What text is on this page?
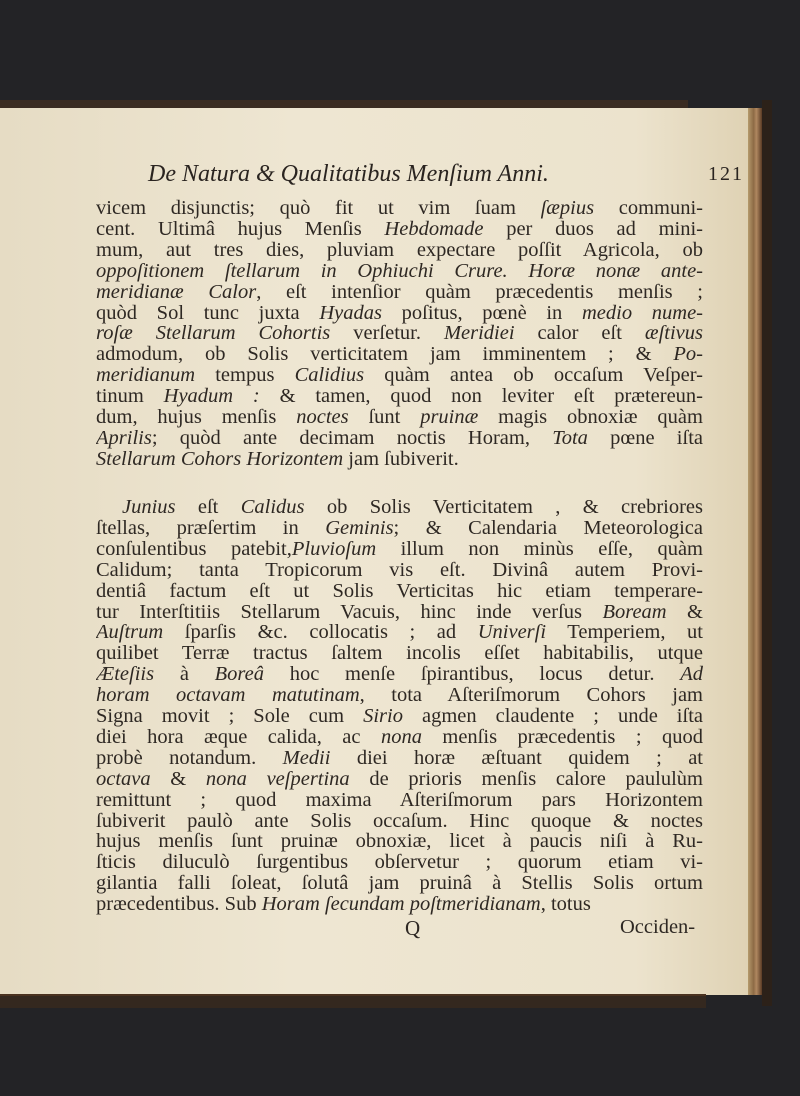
De Natura & Qualitatibus Menſium Anni.	121
vicem disjunctis; quò fit ut vim ſuam ſæpius communi-
cent. Ultimâ hujus Menſis Hebdomade per duos ad mini-
mum, aut tres dies, pluviam expectare poſſit Agricola, ob
oppoſitionem ſtellarum in Ophiuchi Crure. Horæ nonæ ante-
meridianæ Calor, eſt intenſior quàm præcedentis menſis ;
quòd Sol tunc juxta Hyadas poſitus, pœnè in medio nume-
roſæ Stellarum Cohortis verſetur. Meridiei calor eſt æſtivus
admodum, ob Solis verticitatem jam imminentem ; & Po-
meridianum tempus Calidius quàm antea ob occaſum Veſper-
tinum Hyadum : & tamen, quod non leviter eſt prætereun-
dum, hujus menſis noctes ſunt pruinæ magis obnoxiæ quàm
Aprilis; quòd ante decimam noctis Horam, Tota pœne iſta
Stellarum Cohors Horizontem jam ſubiverit.
Junius eſt Calidus ob Solis Verticitatem , & crebriores
ſtellas, præſertim in Geminis; & Calendaria Meteorologica
conſulentibus patebit,Pluvioſum illum non minùs eſſe, quàm
Calidum; tanta Tropicorum vis eſt. Divinâ autem Provi-
dentiâ factum eſt ut Solis Verticitas hic etiam temperare-
tur Interſtitiis Stellarum Vacuis, hinc inde verſus Boream &
Auſtrum ſparſis &c. collocatis ; ad Univerſi Temperiem, ut
quilibet Terræ tractus ſaltem incolis eſſet habitabilis, utque
Æteſiis à Boreâ hoc menſe ſpirantibus, locus detur. Ad
horam octavam matutinam, tota Aſteriſmorum Cohors jam
Signa movit ; Sole cum Sirio agmen claudente ; unde iſta
diei hora æque calida, ac nona menſis præcedentis ; quod
probè notandum. Medii diei horæ æſtuant quidem ; at
octava & nona veſpertina de prioris menſis calore paululùm
remittunt ; quod maxima Aſteriſmorum pars Horizontem
ſubiverit paulò ante Solis occaſum. Hinc quoque & noctes
hujus menſis ſunt pruinæ obnoxiæ, licet à paucis niſi à Ru-
ſticis diluculò ſurgentibus obſervetur ; quorum etiam vi-
gilantia falli ſoleat, ſolutâ jam pruinâ à Stellis Solis ortum
præcedentibus. Sub Horam ſecundam poſtmeridianam, totus
Q	Occiden-
